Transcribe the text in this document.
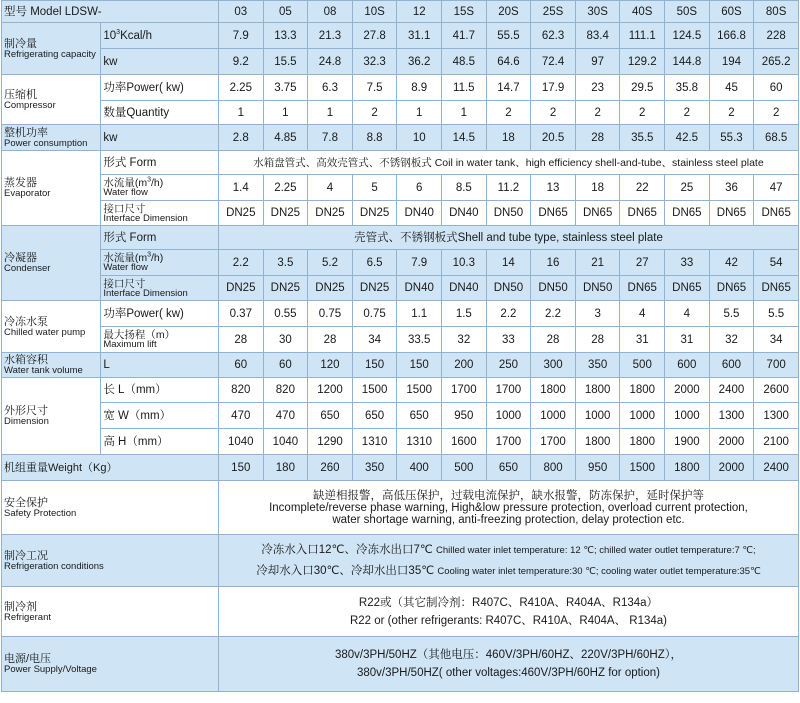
型号 Model LDSW-		03	05	08	10S	12	15S	20S	25S	30S	40S	50S	60S	80S

制冷量
Refrigerating capacity	$10^3Kcal/h$	7.9	13.3	21.3	27.8	31.1	41.7	55.5	62.3	83.4	111.1	124.5	166.8	228
	kw	9.2	15.5	24.8	32.3	36.2	48.5	64.6	72.4	97	129.2	144.8	194	265.2

压缩机
Compressor	功率Power( kw)	2.25	3.75	6.3	7.5	8.9	11.5	14.7	17.9	23	29.5	35.8	45	60
	数量Quantity	1	1	1	2	1	1	2	2	2	2	2	2	2

整机功率
Power consumption	kw	2.8	4.85	7.8	8.8	10	14.5	18	20.5	28	35.5	42.5	55.3	68.5

蒸发器
Evaporator	形式 Form	水箱盘管式、高效壳管式、不锈钢板式 Coil in water tank、high efficiency shell-and-tube、stainless steel plate												

	水流量$(m^3/h)$
Water flow	1.4	2.25	4	5	6	8.5	11.2	13	18	22	25	36	47

	接口尺寸
Interface Dimension	DN25	DN25	DN25	DN25	DN40	DN40	DN50	DN65	DN65	DN65	DN65	DN65	DN65

冷凝器
Condenser	形式 Form	壳管式、不锈钢板式Shell and tube type, stainless steel plate												

	水流量$(m^3/h)$
Water flow	2.2	3.5	5.2	6.5	7.9	10.3	14	16	21	27	33	42	54

	接口尺寸
Interface Dimension	DN25	DN25	DN25	DN25	DN40	DN40	DN50	DN50	DN50	DN65	DN65	DN65	DN65

冷冻水泵
Chilled water pump	功率Power( kw)	0.37	0.55	0.75	0.75	1.1	1.5	2.2	2.2	3	4	4	5.5	5.5

	最大扬程（m）
Maximum lift	28	30	28	34	33.5	32	33	28	28	31	31	32	34

水箱容积
Water tank volume	L	60	60	120	150	150	200	250	300	350	500	600	600	700

外形尺寸
Dimension	长 L（mm）	820	820	1200	1500	1500	1700	1700	1800	1800	1800	2000	2400	2600
	宽 W（mm）	470	470	650	650	650	950	1000	1000	1000	1000	1000	1300	1300
	高 H（mm）	1040	1040	1290	1310	1310	1600	1700	1700	1800	1800	1900	2000	2100
机组重量Weight（Kg）		150	180	260	350	400	500	650	800	950	1500	1800	2000	2400

安全保护
Safety Protection		缺逆相报警，高低压保护，过载电流保护，缺水报警，防冻保护，延时保护等
Incomplete/reverse phase warning, High&low pressure protection, overload current protection,
water shortage warning, anti-freezing protection, delay protection etc.												

制冷工况
Refrigeration conditions		冷冻水入口12℃、冷冻水出口7℃ Chilled water inlet temperature: 12 ℃; chilled water outlet temperature:7 ℃;
冷却水入口30℃、冷却水出口35℃ Cooling water inlet temperature:30 ℃; cooling water outlet temperature:35℃												

制冷剂
Refrigerant		R22或（其它制冷剂：R407C、R410A、R404A、R134a）
R22 or (other refrigerants: R407C、R410A、R404A、 R134a)												

电源/电压
Power Supply/Voltage		380v/3PH/50HZ（其他电压：460V/3PH/60HZ、220V/3PH/60HZ），
380v/3PH/50HZ( other voltages:460V/3PH/60HZ for option)												
